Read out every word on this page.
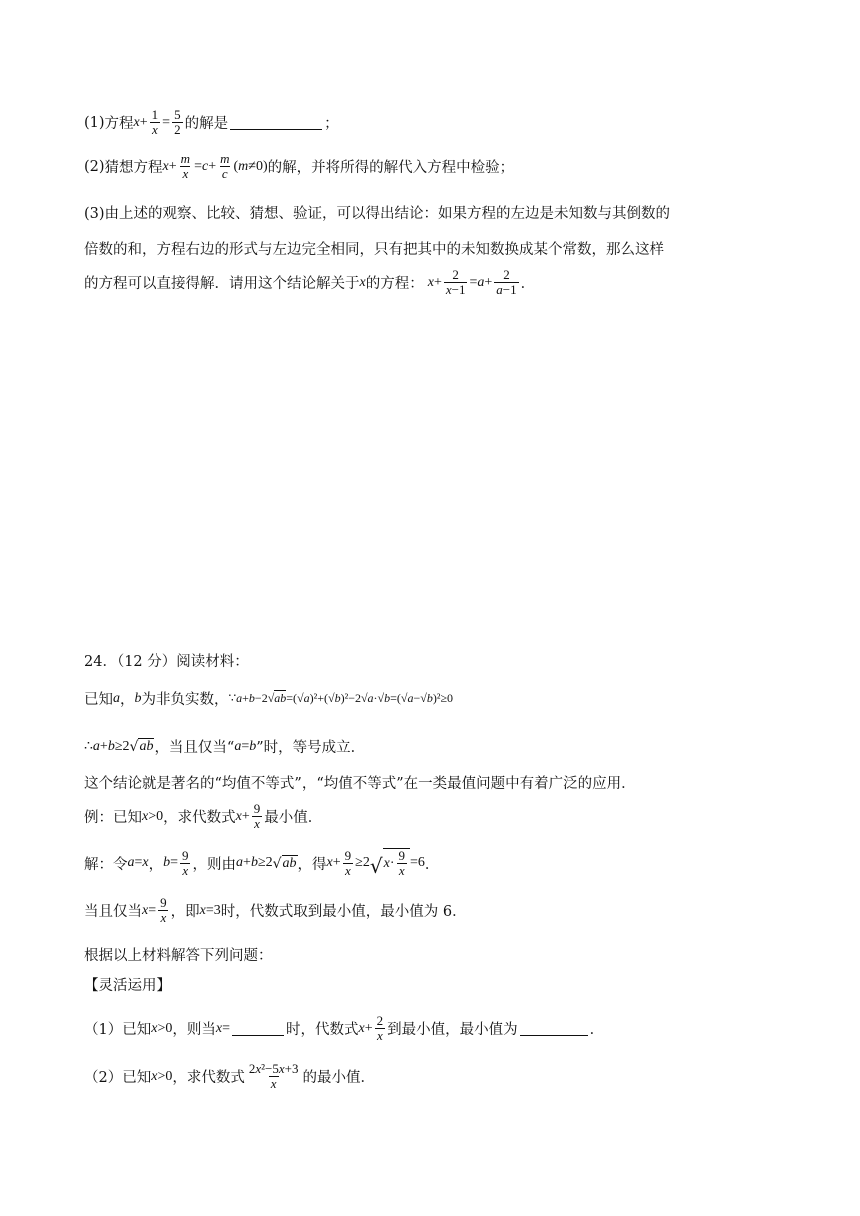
(1) 方程 $x + \frac{1}{x} = \frac{5}{2}$ 的解是	；
(2) 猜想方程 $x + \frac{m}{x} = c + \frac{m}{c}$ ( m ≠0) 的解，并将所得的解代入方程中检验；
(3)由上述的观察、比较、猜想、验证，可以得出结论：如果方程的左边是未知数与其倒数的
倍数的和，方程右边的形式与左边完全相同，只有把其中的未知数换成某个常数，那么这样
的方程可以直接得解．请用这个结论解关于 x 的方程： $x + \frac{2}{x-1} = a + \frac{2}{a-1}$ ．
24．（12 分）阅读材料：
已知 a ， b 为非负实数， ∵a+b−2√ab=(√a)²+(√b)²−2√a·√b=(√a−√b)²≥0
∴ a + b ≥2 √ ab ，当且仅当“ a = b ”时，等号成立．
这个结论就是著名的“均值不等式”，“均值不等式”在一类最值问题中有着广泛的应用．
例：已知 x >0 ，求代数式 $x + \frac{9}{x}$ 最小值．
解：令 a = x ， $b = \frac{9}{x}$ ，则由 a + b ≥2 √ ab ，得 $x + \frac{9}{x} \ge 2$ √ $x \cdot \frac{9}{x} =6$ ．
当且仅当 $x = \frac{9}{x}$ ，即 x =3 时，代数式取到最小值，最小值为 6．
根据以上材料解答下列问题：
【灵活运用】
（1）已知 x >0 ，则当 x =	时，代数式 $x + \frac{2}{x}$ 到最小值，最小值为	．
（2）已知 x >0 ，求代数式 $\frac{\text{2x²−5x+3}}{x}$ 的最小值．
